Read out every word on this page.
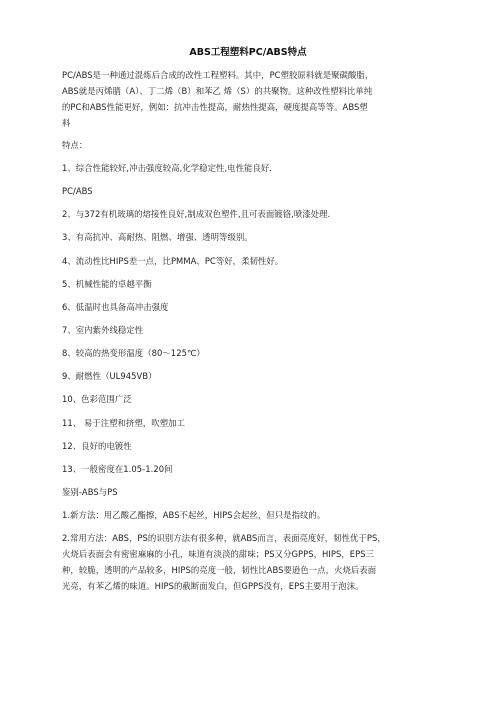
ABS工程塑料PC/ABS特点
PC/ABS是一种通过混炼后合成的改性工程塑料。其中，PC塑胶原料就是聚碳酸脂，
ABS就是丙烯腈（A）、丁二烯（B）和苯乙 烯（S）的共聚物。这种改性塑料比单纯
的PC和ABS性能更好，例如：抗冲击性提高，耐热性提高，硬度提高等等。ABS塑
料
特点：
1、综合性能较好,冲击强度较高,化学稳定性,电性能良好.
PC/ABS
2、与372有机玻璃的熔接性良好,制成双色塑件,且可表面镀铬,喷漆处理.
3、有高抗冲、高耐热、阻燃、增强、透明等级别。
4、流动性比HIPS差一点，比PMMA、PC等好，柔韧性好。
5、机械性能的卓越平衡
6、低温时也具备高冲击强度
7、室内紫外线稳定性
8、较高的热变形温度（80～125℃）
9、耐燃性（UL945VB）
10、色彩范围广泛
11、 易于注塑和挤塑，吹塑加工
12、良好的电镀性
13、一般密度在1.05-1.20间
鉴别-ABS与PS
1.新方法：用乙酸乙酯擦，ABS不起丝，HIPS会起丝，但只是指纹的。
2.常用方法：ABS，PS的识别方法有很多种，就ABS而言，表面亮度好，韧性优于PS，
火烧后表面会有密密麻麻的小孔，味道有淡淡的甜味；PS又分GPPS，HIPS，EPS三
种，较脆，透明的产品较多，HIPS的亮度一般，韧性比ABS要逊色一点，火烧后表面
光亮，有苯乙烯的味道。HIPS的截断面发白，但GPPS没有，EPS主要用于泡沫。
